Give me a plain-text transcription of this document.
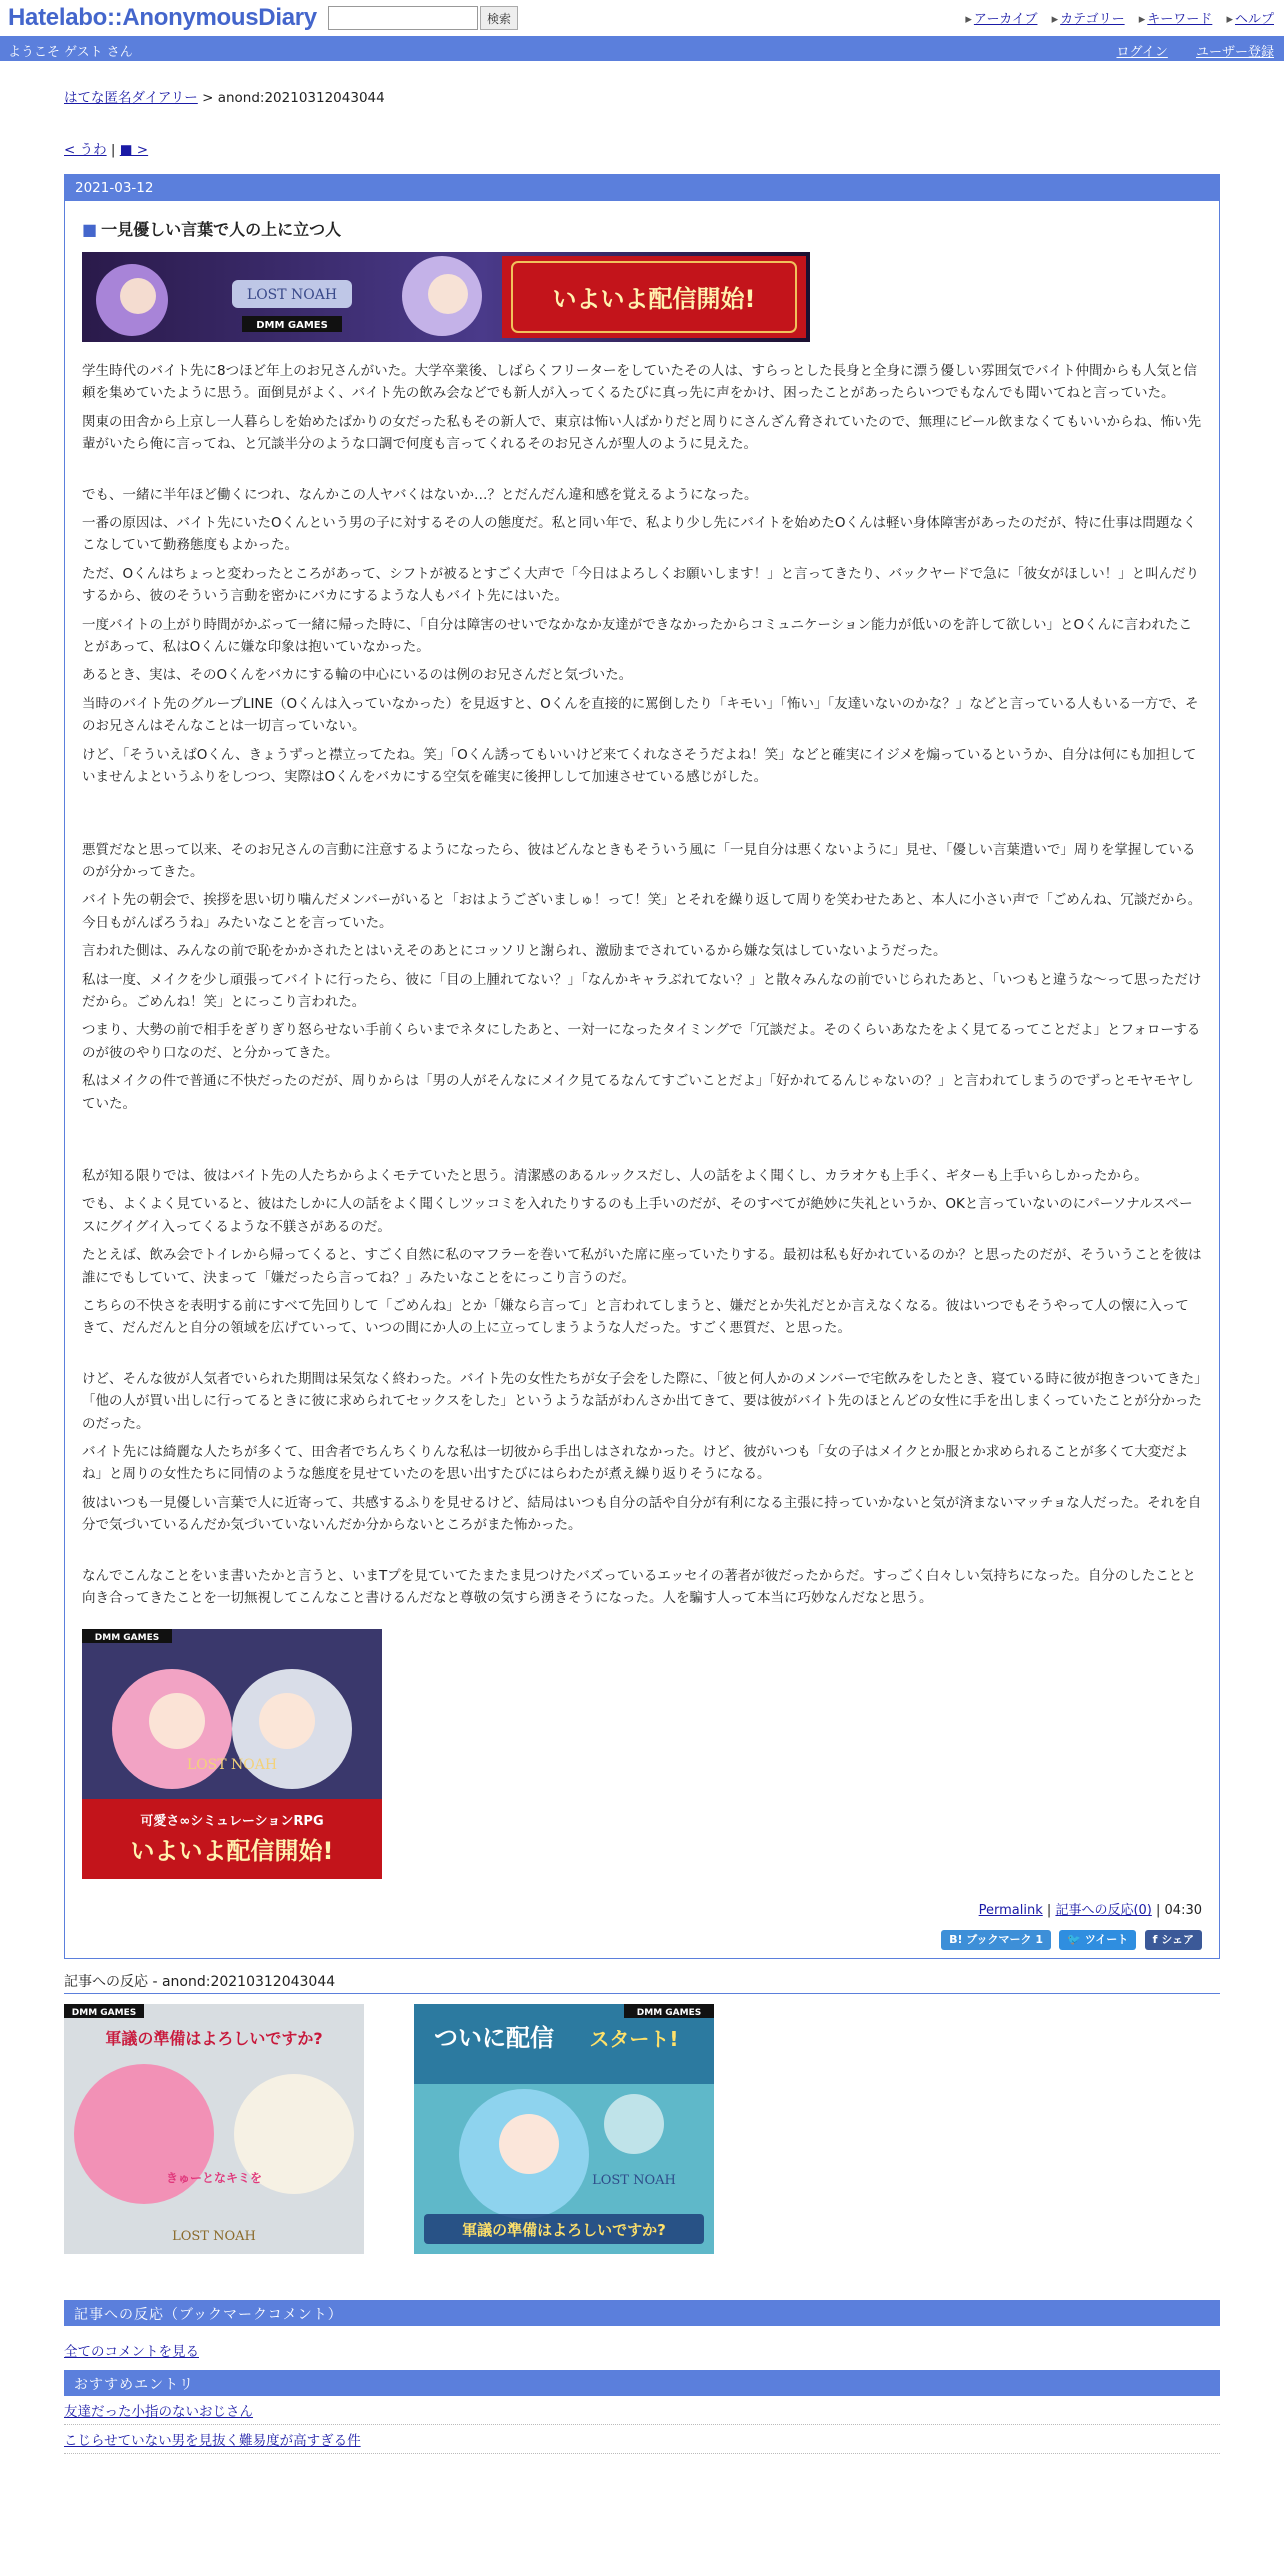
Hatelabo::AnonymousDiary	検索	▸ アーカイブ ▸ カテゴリー ▸ キーワード ▸ ヘルプ
ようこそ ゲスト さん	ログイン ユーザー登録
はてな匿名ダイアリー > anond:20210312043044
< うわ | ■ >
2021-03-12
■ 一見優しい言葉で人の上に立つ人
LOST NOAH
DMM GAMES
いよいよ配信開始!

学生時代のバイト先に8つほど年上のお兄さんがいた。大学卒業後、しばらくフリーターをしていたその人は、すらっとした長身と全身に漂う優しい雰囲気でバイト仲間からも人気と信頼を集めていたように思う。面倒見がよく、バイト先の飲み会などでも新人が入ってくるたびに真っ先に声をかけ、困ったことがあったらいつでもなんでも聞いてねと言っていた。

関東の田舎から上京し一人暮らしを始めたばかりの女だった私もその新人で、東京は怖い人ばかりだと周りにさんざん脅されていたので、無理にビール飲まなくてもいいからね、怖い先輩がいたら俺に言ってね、と冗談半分のような口調で何度も言ってくれるそのお兄さんが聖人のように見えた。

でも、一緒に半年ほど働くにつれ、なんかこの人ヤバくはないか…？とだんだん違和感を覚えるようになった。

一番の原因は、バイト先にいたOくんという男の子に対するその人の態度だ。私と同い年で、私より少し先にバイトを始めたOくんは軽い身体障害があったのだが、特に仕事は問題なくこなしていて勤務態度もよかった。

ただ、Oくんはちょっと変わったところがあって、シフトが被るとすごく大声で「今日はよろしくお願いします！」と言ってきたり、バックヤードで急に「彼女がほしい！」と叫んだりするから、彼のそういう言動を密かにバカにするような人もバイト先にはいた。

一度バイトの上がり時間がかぶって一緒に帰った時に、「自分は障害のせいでなかなか友達ができなかったからコミュニケーション能力が低いのを許して欲しい」とOくんに言われたことがあって、私はOくんに嫌な印象は抱いていなかった。

あるとき、実は、そのOくんをバカにする輪の中心にいるのは例のお兄さんだと気づいた。

当時のバイト先のグループLINE（Oくんは入っていなかった）を見返すと、Oくんを直接的に罵倒したり「キモい」「怖い」「友達いないのかな？」などと言っている人もいる一方で、そのお兄さんはそんなことは一切言っていない。

けど、「そういえばOくん、きょうずっと襟立ってたね。笑」「Oくん誘ってもいいけど来てくれなさそうだよね！笑」などと確実にイジメを煽っているというか、自分は何にも加担していませんよというふりをしつつ、実際はOくんをバカにする空気を確実に後押しして加速させている感じがした。

悪質だなと思って以来、そのお兄さんの言動に注意するようになったら、彼はどんなときもそういう風に「一見自分は悪くないように」見せ、「優しい言葉遣いで」周りを掌握しているのが分かってきた。

バイト先の朝会で、挨拶を思い切り噛んだメンバーがいると「おはようございましゅ！って！笑」とそれを繰り返して周りを笑わせたあと、本人に小さい声で「ごめんね、冗談だから。今日もがんばろうね」みたいなことを言っていた。

言われた側は、みんなの前で恥をかかされたとはいえそのあとにコッソリと謝られ、激励までされているから嫌な気はしていないようだった。

私は一度、メイクを少し頑張ってバイトに行ったら、彼に「目の上腫れてない？」「なんかキャラぶれてない？」と散々みんなの前でいじられたあと、「いつもと違うな〜って思っただけだから。ごめんね！笑」とにっこり言われた。

つまり、大勢の前で相手をぎりぎり怒らせない手前くらいまでネタにしたあと、一対一になったタイミングで「冗談だよ。そのくらいあなたをよく見てるってことだよ」とフォローするのが彼のやり口なのだ、と分かってきた。

私はメイクの件で普通に不快だったのだが、周りからは「男の人がそんなにメイク見てるなんてすごいことだよ」「好かれてるんじゃないの？」と言われてしまうのでずっとモヤモヤしていた。

私が知る限りでは、彼はバイト先の人たちからよくモテていたと思う。清潔感のあるルックスだし、人の話をよく聞くし、カラオケも上手く、ギターも上手いらしかったから。

でも、よくよく見ていると、彼はたしかに人の話をよく聞くしツッコミを入れたりするのも上手いのだが、そのすべてが絶妙に失礼というか、OKと言っていないのにパーソナルスペースにグイグイ入ってくるような不躾さがあるのだ。

たとえば、飲み会でトイレから帰ってくると、すごく自然に私のマフラーを巻いて私がいた席に座っていたりする。最初は私も好かれているのか？と思ったのだが、そういうことを彼は誰にでもしていて、決まって「嫌だったら言ってね？」みたいなことをにっこり言うのだ。

こちらの不快さを表明する前にすべて先回りして「ごめんね」とか「嫌なら言って」と言われてしまうと、嫌だとか失礼だとか言えなくなる。彼はいつでもそうやって人の懐に入ってきて、だんだんと自分の領域を広げていって、いつの間にか人の上に立ってしまうような人だった。すごく悪質だ、と思った。

けど、そんな彼が人気者でいられた期間は呆気なく終わった。バイト先の女性たちが女子会をした際に、「彼と何人かのメンバーで宅飲みをしたとき、寝ている時に彼が抱きついてきた」「他の人が買い出しに行ってるときに彼に求められてセックスをした」というような話がわんさか出てきて、要は彼がバイト先のほとんどの女性に手を出しまくっていたことが分かったのだった。

バイト先には綺麗な人たちが多くて、田舎者でちんちくりんな私は一切彼から手出しはされなかった。けど、彼がいつも「女の子はメイクとか服とか求められることが多くて大変だよね」と周りの女性たちに同情のような態度を見せていたのを思い出すたびにはらわたが煮え繰り返りそうになる。

彼はいつも一見優しい言葉で人に近寄って、共感するふりを見せるけど、結局はいつも自分の話や自分が有利になる主張に持っていかないと気が済まないマッチョな人だった。それを自分で気づいているんだか気づいていないんだか分からないところがまた怖かった。

なんでこんなことをいま書いたかと言うと、いまTプを見ていてたまたま見つけたバズっているエッセイの著者が彼だったからだ。すっごく白々しい気持ちになった。自分のしたことと向き合ってきたことを一切無視してこんなこと書けるんだなと尊敬の気すら湧きそうになった。人を騙す人って本当に巧妙なんだなと思う。

DMM GAMES
LOST NOAH
可愛さ∞シミュレーションRPG
いよいよ配信開始!
Permalink | 記事への反応(0) | 04:30
B! ブックマーク 1 🐦 ツイート f シェア
記事への反応 - anond:20210312043044
DMM GAMES
軍議の準備はよろしいですか?
きゅーとなキミを
LOST NOAH
DMM GAMES
ついに配信 スタート!
LOST NOAH
軍議の準備はよろしいですか?
記事への反応（ブックマークコメント）
全てのコメントを見る
おすすめエントリ
友達だった小指のないおじさん
こじらせていない男を見抜く難易度が高すぎる件
